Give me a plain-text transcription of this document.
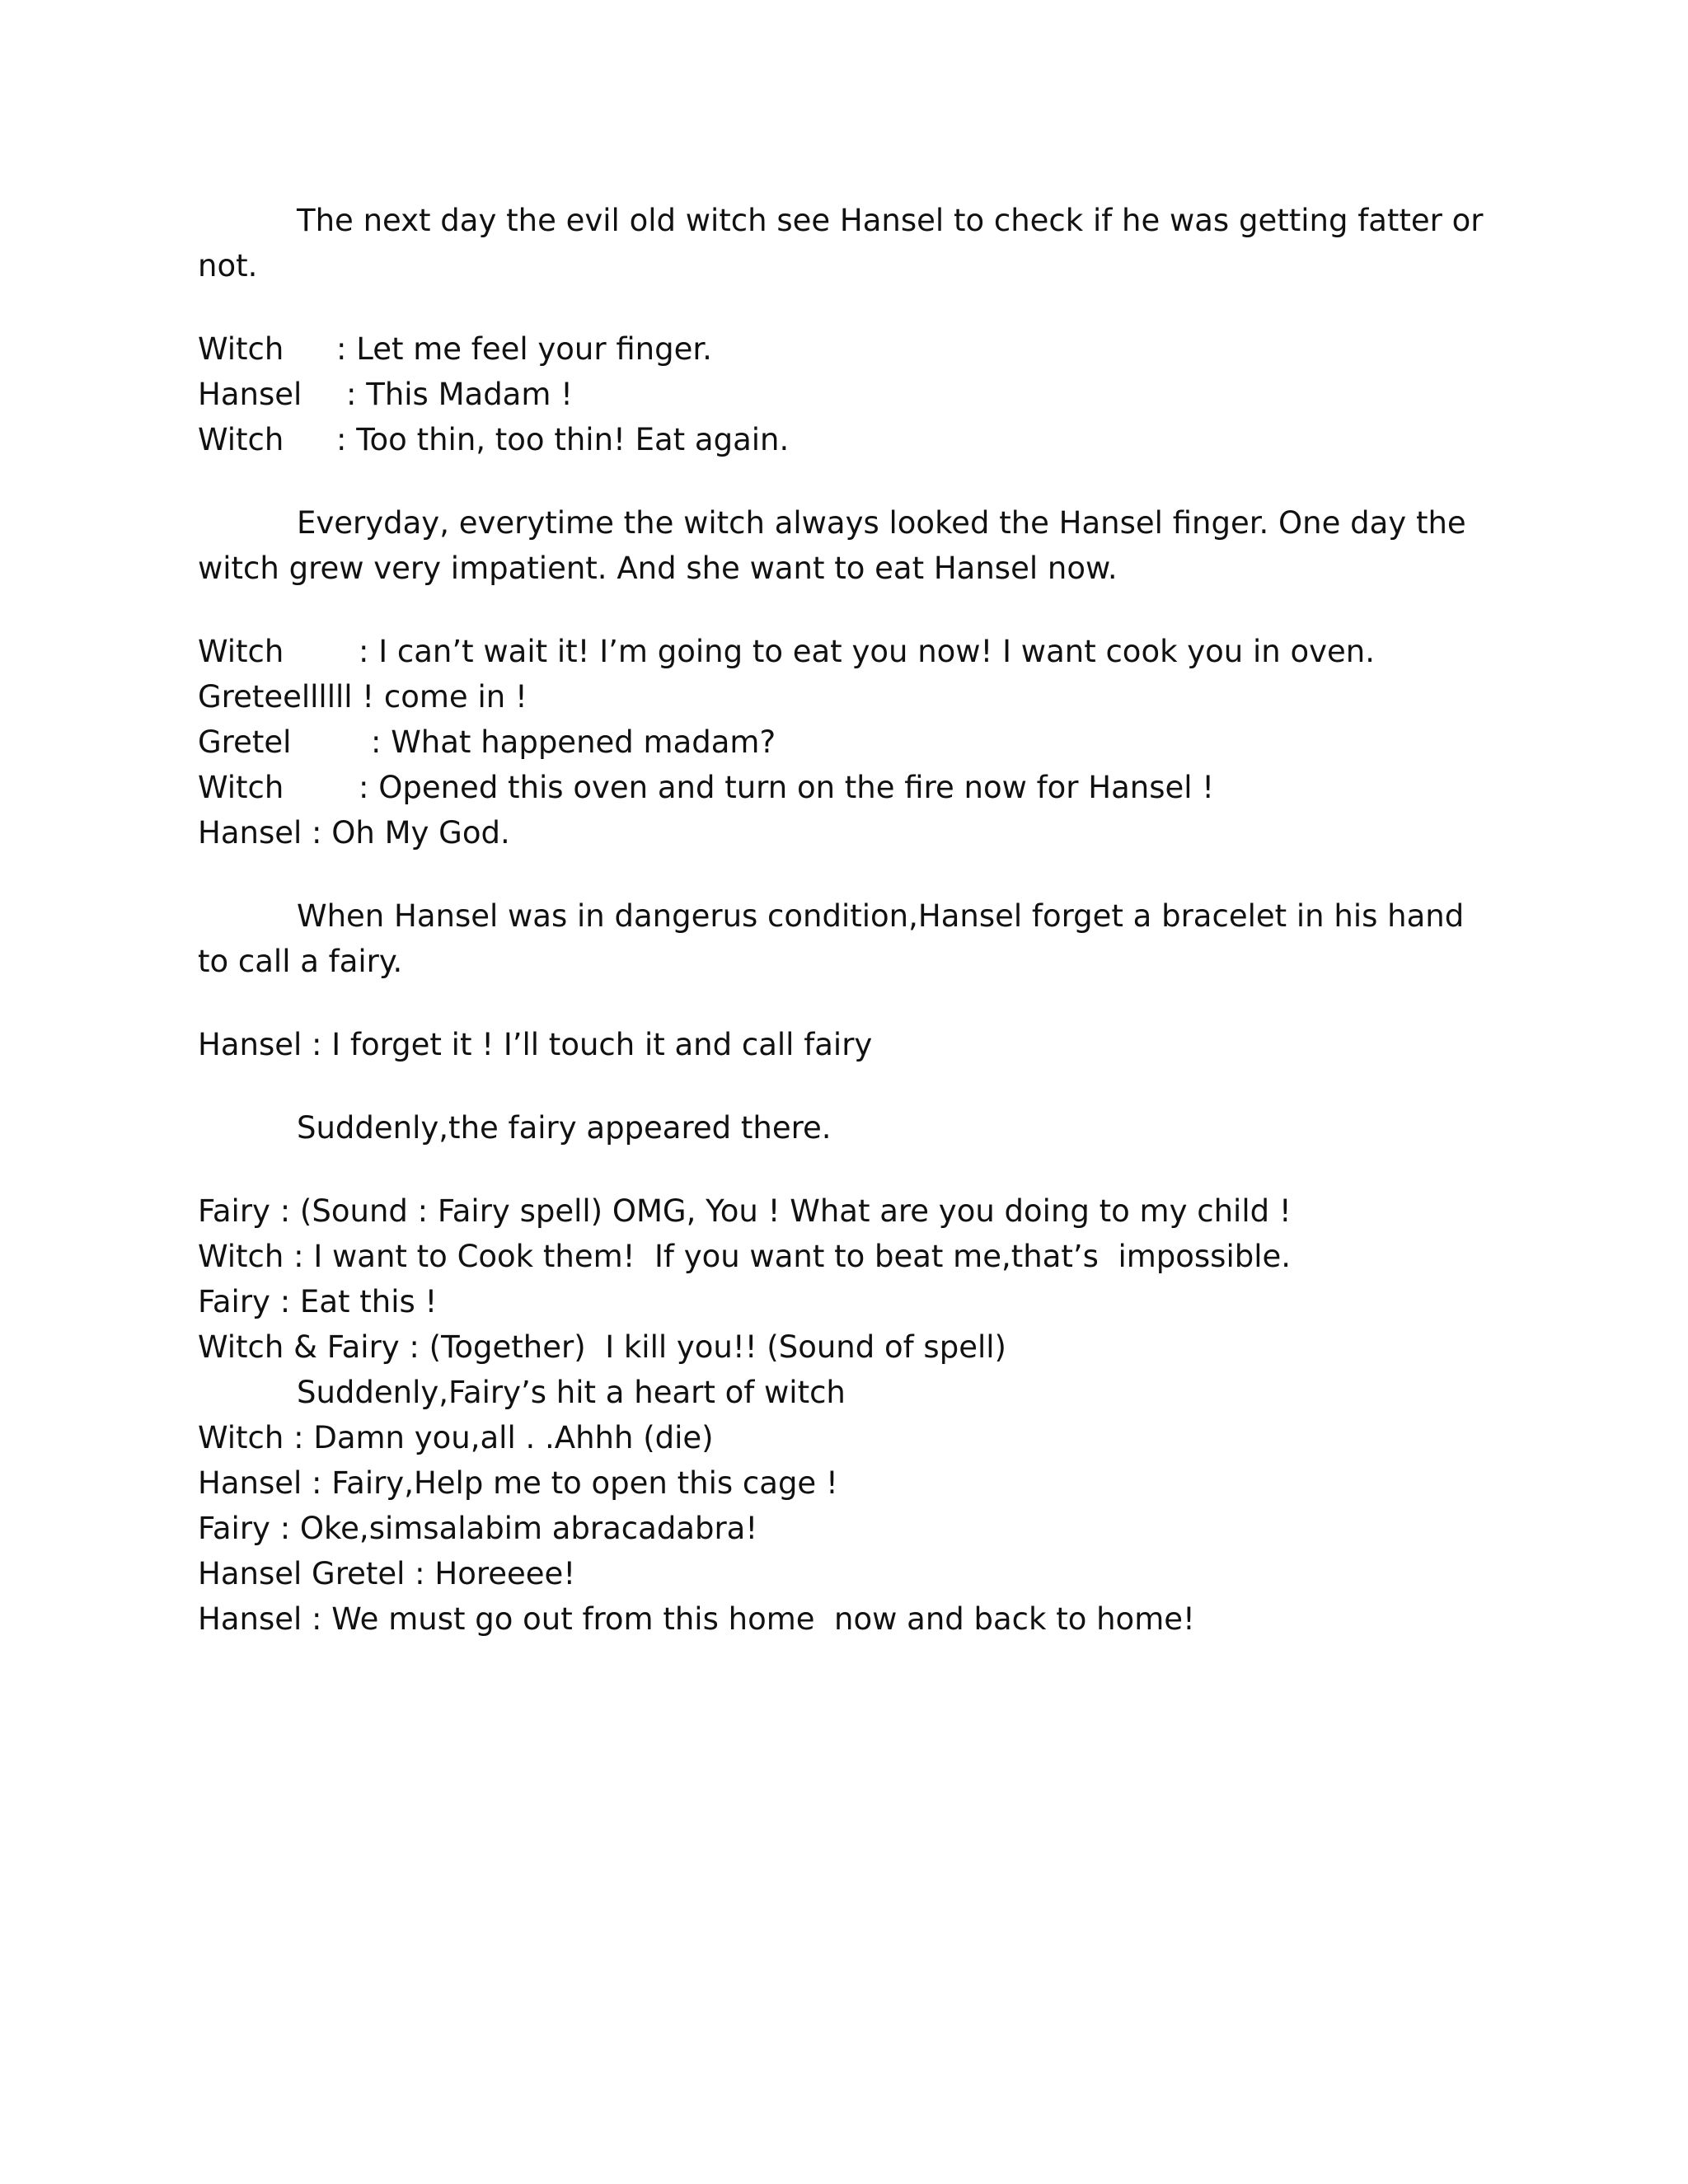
The next day the evil old witch see Hansel to check if he was getting fatter or not.

Witch : Let me feel your finger.
Hansel : This Madam !
Witch : Too thin, too thin! Eat again.

Everyday, everytime the witch always looked the Hansel finger. One day the witch grew very impatient. And she want to eat Hansel now.

Witch : I can’t wait it! I’m going to eat you now! I want cook you in oven.
Greteellllll ! come in !
Gretel	: What happened madam?
Witch : Opened this oven and turn on the fire now for Hansel !
Hansel : Oh My God.

When Hansel was in dangerus condition,Hansel forget a bracelet in his hand to call a fairy.

Hansel : I forget it ! I’ll touch it and call fairy

Suddenly,the fairy appeared there.

Fairy : (Sound : Fairy spell) OMG, You ! What are you doing to my child !
Witch : I want to Cook them!  If you want to beat me,that’s  impossible.
Fairy : Eat this !
Witch & Fairy : (Together)  I kill you!! (Sound of spell)
Suddenly,Fairy’s hit a heart of witch
Witch : Damn you,all . .Ahhh (die)
Hansel : Fairy,Help me to open this cage !
Fairy : Oke,simsalabim abracadabra!
Hansel Gretel : Horeeee!
Hansel : We must go out from this home  now and back to home!
